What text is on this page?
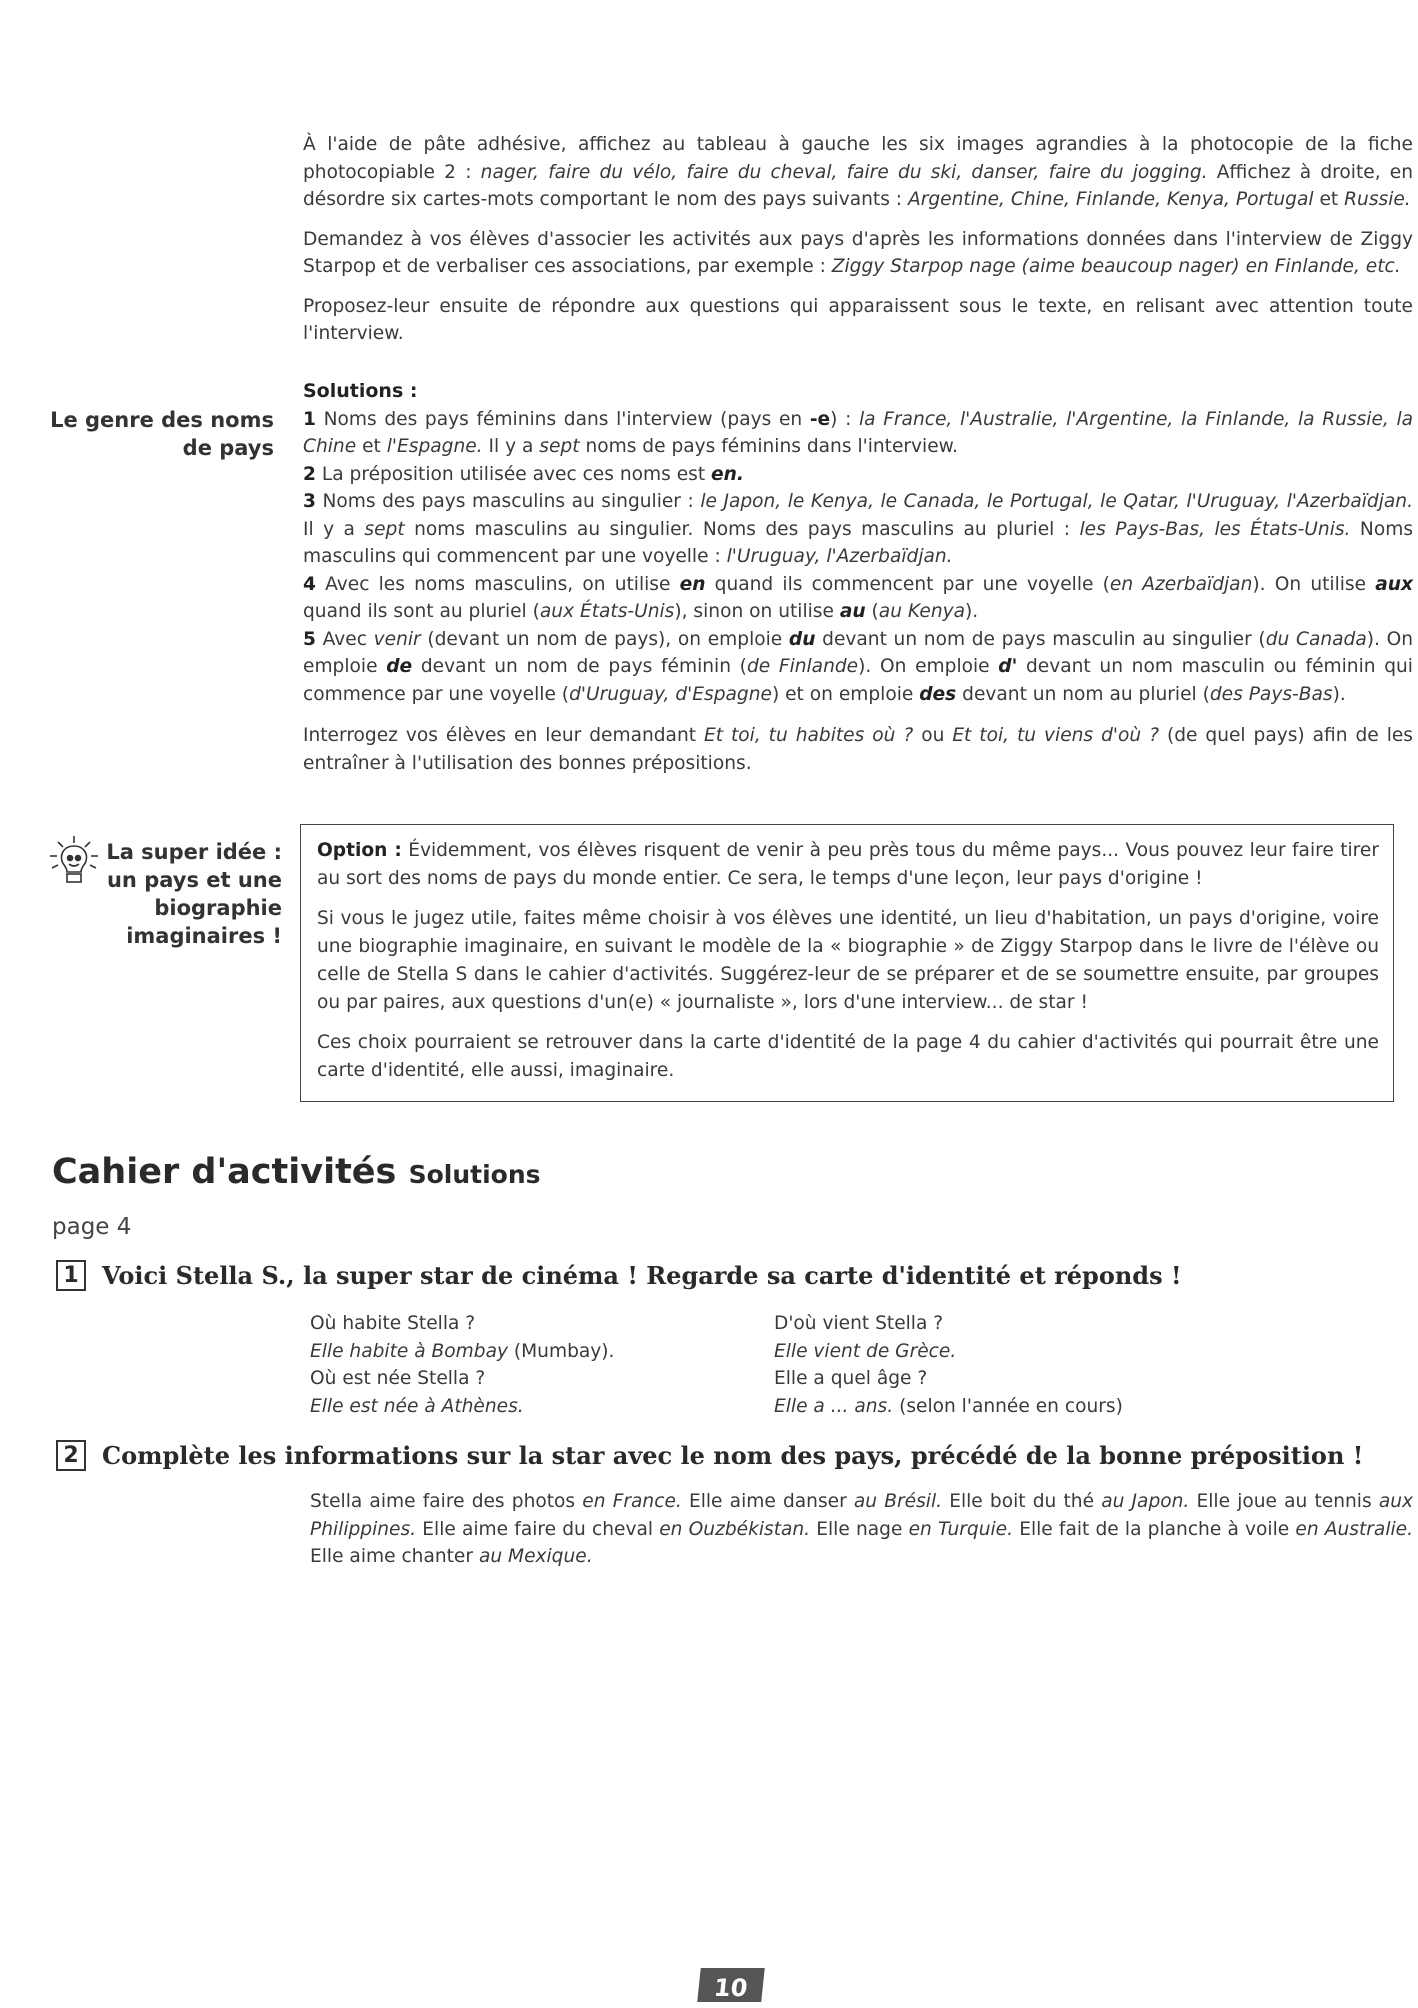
À l'aide de pâte adhésive, affichez au tableau à gauche les six images agrandies à la photocopie de la fiche photocopiable 2 : nager, faire du vélo, faire du cheval, faire du ski, danser, faire du jogging. Affichez à droite, en désordre six cartes-mots comportant le nom des pays suivants : Argentine, Chine, Finlande, Kenya, Portugal et Russie.

Demandez à vos élèves d'associer les activités aux pays d'après les informations données dans l'interview de Ziggy Starpop et de verbaliser ces associations, par exemple : Ziggy Starpop nage (aime beaucoup nager) en Finlande, etc.

Proposez-leur ensuite de répondre aux questions qui apparaissent sous le texte, en relisant avec attention toute l'interview.

Le genre des noms
de pays
Solutions :

1 Noms des pays féminins dans l'interview (pays en -e) : la France, l'Australie, l'Argentine, la Finlande, la Russie, la Chine et l'Espagne. Il y a sept noms de pays féminins dans l'interview.

2 La préposition utilisée avec ces noms est en.

3 Noms des pays masculins au singulier : le Japon, le Kenya, le Canada, le Portugal, le Qatar, l'Uruguay, l'Azerbaïdjan. Il y a sept noms masculins au singulier. Noms des pays masculins au pluriel : les Pays-Bas, les États-Unis. Noms masculins qui commencent par une voyelle : l'Uruguay, l'Azerbaïdjan.

4 Avec les noms masculins, on utilise en quand ils commencent par une voyelle (en Azerbaïdjan). On utilise aux quand ils sont au pluriel (aux États-Unis), sinon on utilise au (au Kenya).

5 Avec venir (devant un nom de pays), on emploie du devant un nom de pays masculin au singulier (du Canada). On emploie de devant un nom de pays féminin (de Finlande). On emploie d' devant un nom masculin ou féminin qui commence par une voyelle (d'Uruguay, d'Espagne) et on emploie des devant un nom au pluriel (des Pays-Bas).

Interrogez vos élèves en leur demandant Et toi, tu habites où ? ou Et toi, tu viens d'où ? (de quel pays) afin de les entraîner à l'utilisation des bonnes prépositions.

La super idée :
un pays et une
biographie
imaginaires !

Option : Évidemment, vos élèves risquent de venir à peu près tous du même pays... Vous pouvez leur faire tirer au sort des noms de pays du monde entier. Ce sera, le temps d'une leçon, leur pays d'origine !

Si vous le jugez utile, faites même choisir à vos élèves une identité, un lieu d'habitation, un pays d'origine, voire une biographie imaginaire, en suivant le modèle de la « biographie » de Ziggy Starpop dans le livre de l'élève ou celle de Stella S dans le cahier d'activités. Suggérez-leur de se préparer et de se soumettre ensuite, par groupes ou par paires, aux questions d'un(e) « journaliste », lors d'une interview... de star !

Ces choix pourraient se retrouver dans la carte d'identité de la page 4 du cahier d'activités qui pourrait être une carte d'identité, elle aussi, imaginaire.

Cahier d'activités Solutions
page 4
1 Voici Stella S., la super star de cinéma ! Regarde sa carte d'identité et réponds !
Où habite Stella ?
Elle habite à Bombay (Mumbay).
Où est née Stella ?
Elle est née à Athènes.
D'où vient Stella ?
Elle vient de Grèce.
Elle a quel âge ?
Elle a ... ans. (selon l'année en cours)
2 Complète les informations sur la star avec le nom des pays, précédé de la bonne préposition !

Stella aime faire des photos en France. Elle aime danser au Brésil. Elle boit du thé au Japon. Elle joue au tennis aux Philippines. Elle aime faire du cheval en Ouzbékistan. Elle nage en Turquie. Elle fait de la planche à voile en Australie. Elle aime chanter au Mexique.

10
